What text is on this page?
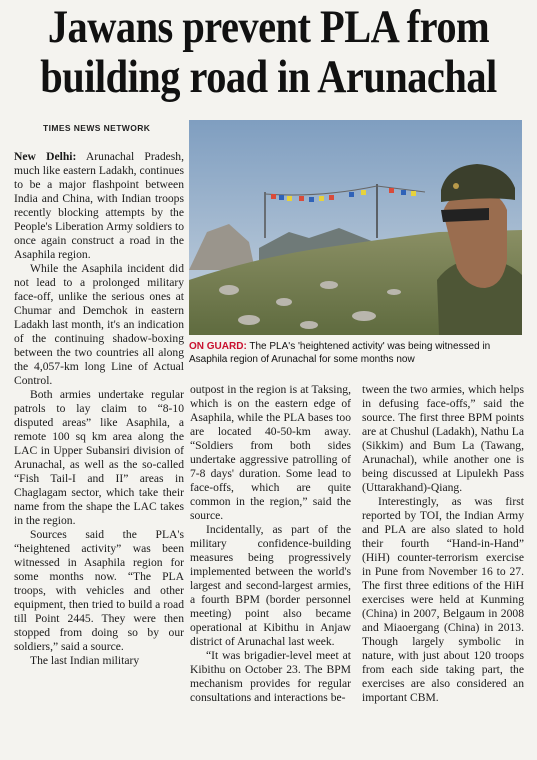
Jawans prevent PLA from
building road in Arunachal
TIMES NEWS NETWORK

New Delhi: Arunachal Pradesh, much like eastern Ladakh, continues to be a major flashpoint between India and China, with Indian troops recently blocking attempts by the People's Liberation Army soldiers to once again construct a road in the Asaphila region.

While the Asaphila incident did not lead to a prolonged military face-off, unlike the serious ones at Chumar and Demchok in eastern Ladakh last month, it's an indication of the continuing shadow-boxing between the two countries all along the 4,057-km long Line of Actual Control.

Both armies undertake regular patrols to lay claim to “8-10 disputed areas” like Asaphila, a remote 100 sq km area along the LAC in Upper Subansiri division of Arunachal, as well as the so-called “Fish Tail-I and II” areas in Chaglagam sector, which take their name from the shape the LAC takes in the region.

Sources said the PLA's “heightened activity” was been witnessed in Asaphila region for some months now. “The PLA troops, with vehicles and other equipment, then tried to build a road till Point 2445. They were then stopped from doing so by our soldiers,” said a source.

The last Indian military

ON GUARD: The PLA's 'heightened activity' was being witnessed in Asaphila region of Arunachal for some months now

outpost in the region is at Taksing, which is on the eastern edge of Asaphila, while the PLA bases too are located 40-50-km away. “Soldiers from both sides undertake aggressive patrolling of 7-8 days' duration. Some lead to face-offs, which are quite common in the region,” said the source.

Incidentally, as part of the military confidence-building measures being progressively implemented between the world's largest and second-largest armies, a fourth BPM (border personnel meeting) point also became operational at Kibithu in Anjaw district of Arunachal last week.

“It was brigadier-level meet at Kibithu on October 23. The BPM mechanism provides for regular consultations and interactions be-

tween the two armies, which helps in defusing face-offs,” said the source. The first three BPM points are at Chushul (Ladakh), Nathu La (Sikkim) and Bum La (Tawang, Arunachal), while another one is being discussed at Lipulekh Pass (Uttarakhand)-Qiang.

Interestingly, as was first reported by TOI, the Indian Army and PLA are also slated to hold their fourth “Hand-in-Hand” (HiH) counter-terrorism exercise in Pune from November 16 to 27. The first three editions of the HiH exercises were held at Kunming (China) in 2007, Belgaum in 2008 and Miaoergang (China) in 2013. Though largely symbolic in nature, with just about 120 troops from each side taking part, the exercises are also considered an important CBM.
